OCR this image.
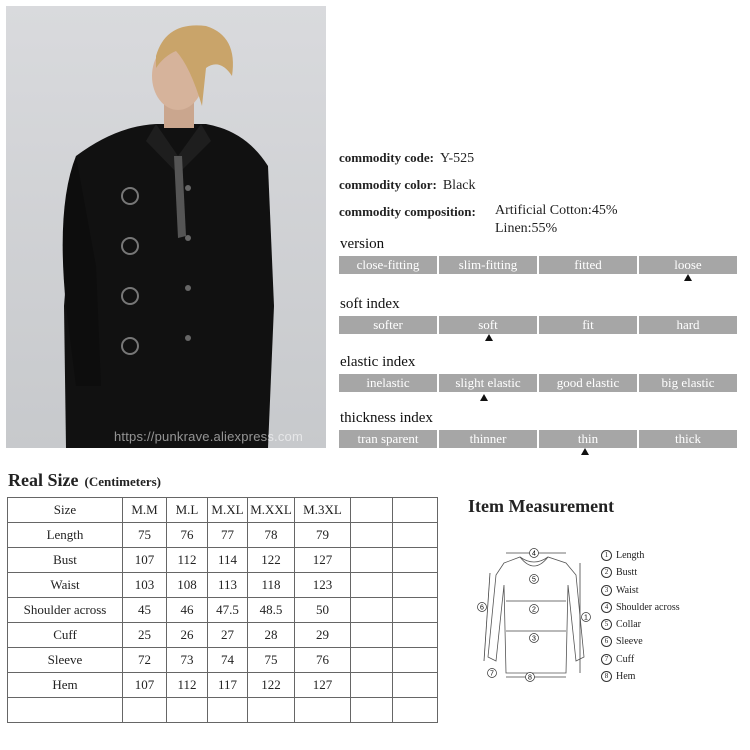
https://punkrave.aliexpress.com
commodity code: Y-525
commodity color: Black
commodity composition: Artificial Cotton:45%
Linen:55%
version
close-fitting	slim-fitting	fitted	loose
soft index
softer	soft	fit	hard
elastic index
inelastic	slight elastic	good elastic	big elastic
thickness index
tran sparent	thinner	thin	thick
Real Size (Centimeters)
Size	M.M	M.L	M.XL	M.XXL	M.3XL		
Length	75	76	77	78	79		
Bust	107	112	114	122	127		
Waist	103	108	113	118	123		
Shoulder across	45	46	47.5	48.5	50		
Cuff	25	26	27	28	29		
Sleeve	72	73	74	75	76		
Hem	107	112	117	122	127		

Item Measurement
4
5
2
3
1
6
7
8
1 Length
2 Bustt
3 Waist
4 Shoulder across
5 Collar
6 Sleeve
7 Cuff
8 Hem
